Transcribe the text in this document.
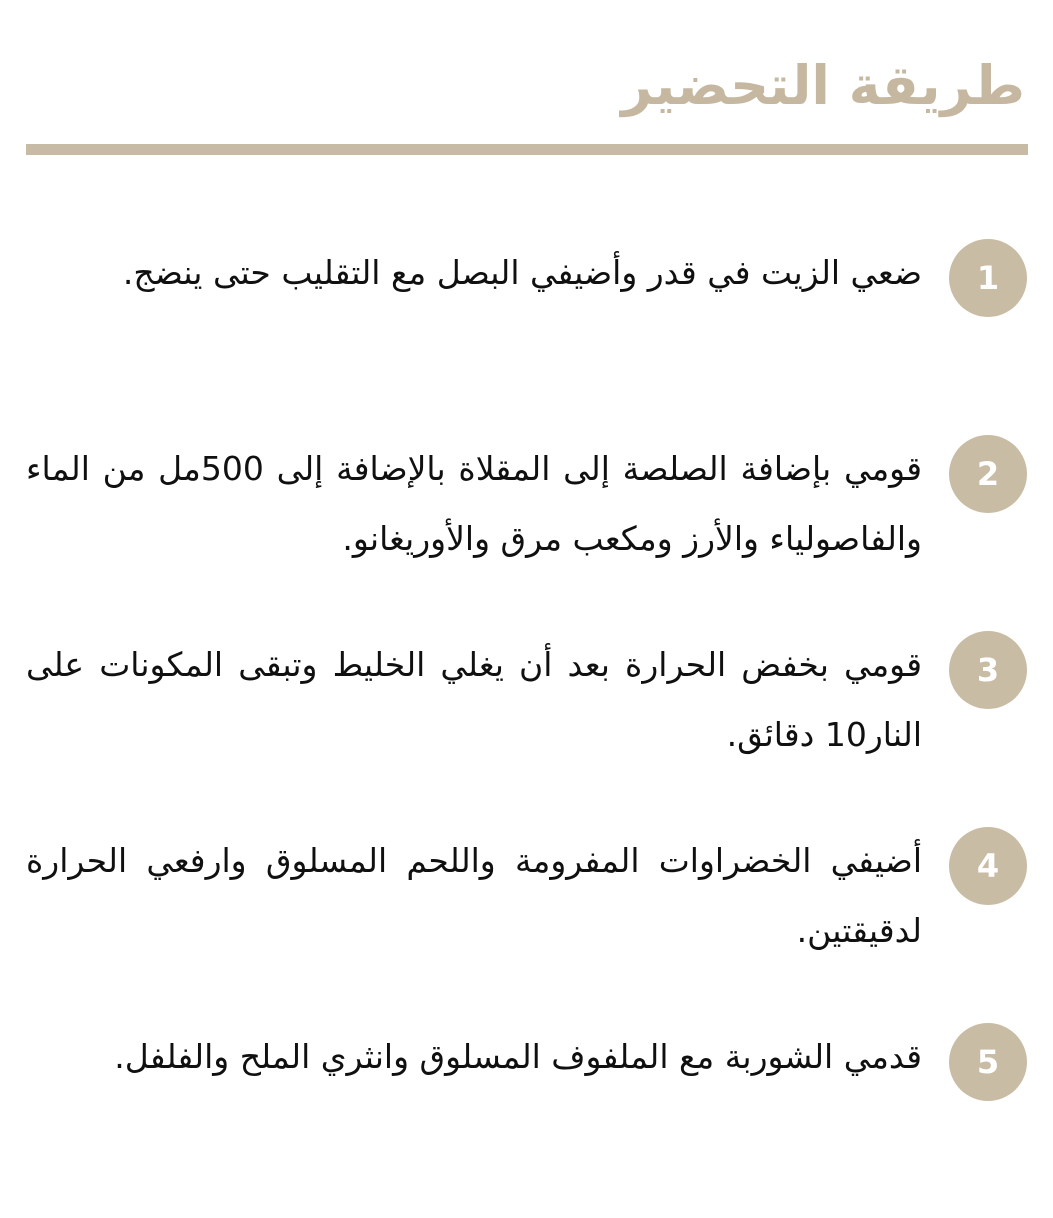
طريقة التحضير
1
ضعي الزيت في قدر وأضيفي البصل مع التقليب حتى ينضج.
2
قومي بإضافة الصلصة إلى المقلاة بالإضافة إلى 500مل من الماء والفاصولياء والأرز ومكعب مرق والأوريغانو.
3
قومي بخفض الحرارة بعد أن يغلي الخليط وتبقى المكونات على النار10 دقائق.
4
أضيفي الخضراوات المفرومة واللحم المسلوق وارفعي الحرارة لدقيقتين.
5
قدمي الشوربة مع الملفوف المسلوق وانثري الملح والفلفل.
